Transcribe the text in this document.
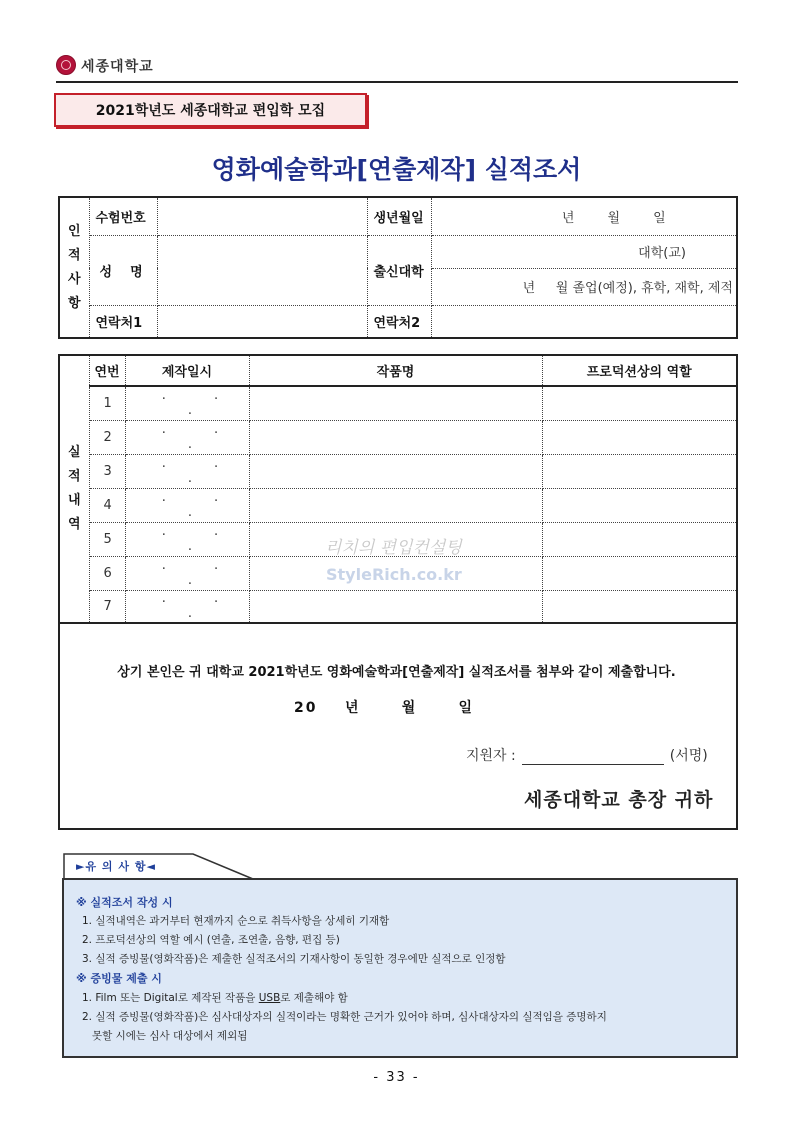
세종대학교
2021학년도 세종대학교 편입학 모집
영화예술학과[연출제작] 실적조서
인
적
사
항	수험번호		생년월일	년        월        일
	성    명		출신대학	대학(교)
				년     월 졸업(예정), 휴학, 재학, 제적
	연락처1		연락처2	
실
적
내
역	연번	제작일시	작품명	프로덕션상의 역할
	1	. . .		
	2	. . .		
	3	. . .		
	4	. . .		
	5	. . .		
	6	. . .		
	7	. . .		
리치의 편입컨설팅
StyleRich.co.kr
상기 본인은 귀 대학교 2021학년도 영화예술학과[연출제작] 실적조서를 첨부와 같이 제출합니다.
20    년      월      일
지원자 :	(서명)
세종대학교 총장 귀하
►유 의 사 항◄
※ 실적조서 작성 시
1. 실적내역은 과거부터 현재까지 순으로 취득사항을 상세히 기재함
2. 프로덕션상의 역할 예시 (연출, 조연출, 음향, 편집 등)
3. 실적 증빙물(영화작품)은 제출한 실적조서의 기재사항이 동일한 경우에만 실적으로 인정함
※ 증빙물 제출 시
1. Film 또는 Digital로 제작된 작품을 USB로 제출해야 함
2. 실적 증빙물(영화작품)은 심사대상자의 실적이라는 명확한 근거가 있어야 하며, 심사대상자의 실적임을 증명하지
못할 시에는 심사 대상에서 제외됨
- 33 -
